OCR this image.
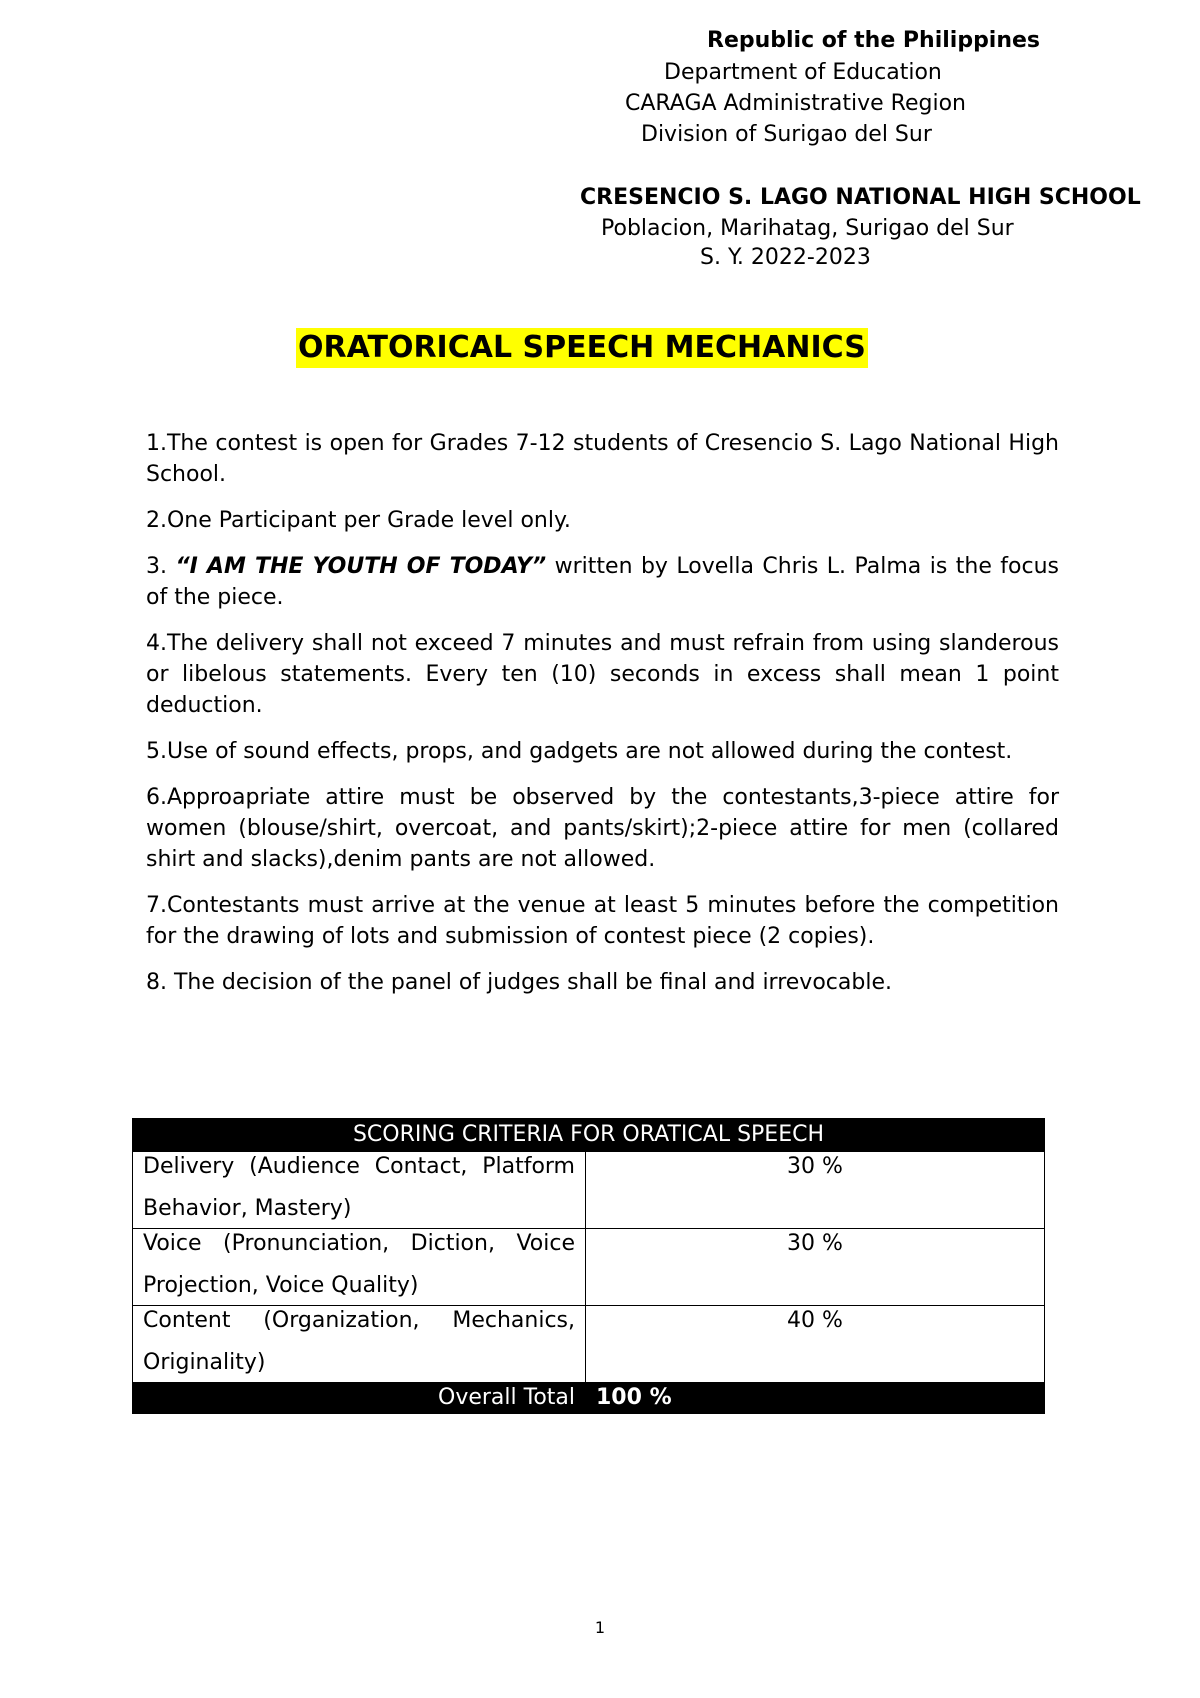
Republic of the Philippines
Department of Education
CARAGA Administrative Region
Division of Surigao del Sur
CRESENCIO S. LAGO NATIONAL HIGH SCHOOL
Poblacion, Marihatag, Surigao del Sur
S. Y. 2022-2023
ORATORICAL SPEECH MECHANICS

1.The contest is open for Grades 7-12 students of Cresencio S. Lago National High School.

2.One Participant per Grade level only.

3. “I AM THE YOUTH OF TODAY” written by Lovella Chris L. Palma is the focus of the piece.

4.The delivery shall not exceed 7 minutes and must refrain from using slanderous or libelous statements. Every ten (10) seconds in excess shall mean 1 point deduction.

5.Use of sound effects, props, and gadgets are not allowed during the contest.

6.Approapriate attire must be observed by the contestants,3-piece attire for women (blouse/shirt, overcoat, and pants/skirt);2-piece attire for men (collared shirt and slacks),denim pants are not allowed.

7.Contestants must arrive at the venue at least 5 minutes before the competition for the drawing of lots and submission of contest piece (2 copies).

8. The decision of the panel of judges shall be final and irrevocable.

SCORING CRITERIA FOR ORATICAL SPEECH	

Delivery (Audience Contact, Platform Behavior, Mastery)	30 %

Voice (Pronunciation, Diction, Voice Projection, Voice Quality)	30 %

Content (Organization, Mechanics, Originality)	40 %
Overall Total	100 %
1
